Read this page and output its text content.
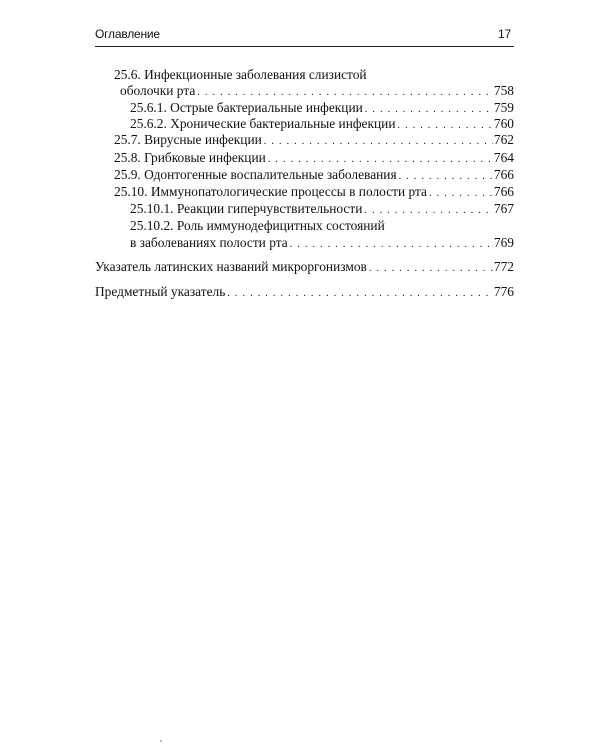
Оглавление	17
25.6. Инфекционные заболевания слизистой
оболочки рта . . .	758
25.6.1. Острые бактериальные инфекции . . .	759
25.6.2. Хронические бактериальные инфекции . . .	760
25.7. Вирусные инфекции . . .	762
25.8. Грибковые инфекции . . .	764
25.9. Одонтогенные воспалительные заболевания . . .	766
25.10. Иммунопатологические процессы в полости рта . . .	766
25.10.1. Реакции гиперчувствительности . . .	767
25.10.2. Роль иммунодефицитных состояний
в заболеваниях полости рта . . .	769
Указатель латинских названий микроргонизмов . . .	772
Предметный указатель . . .	776
